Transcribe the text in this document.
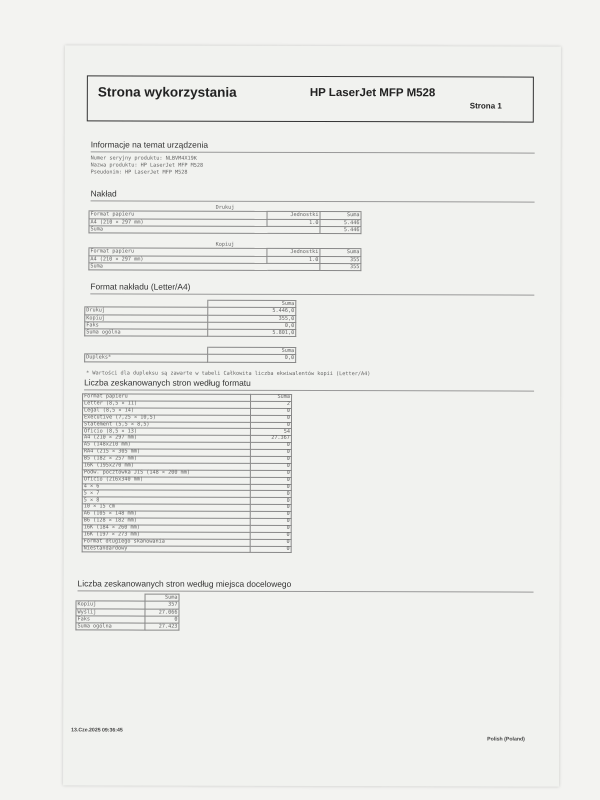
Strona wykorzystania	HP LaserJet MFP M528
Strona 1
Informacje na temat urządzenia
Numer seryjny produktu: NLBVM4X19K
Nazwa produktu: HP LaserJet MFP M528
Pseudonim: HP LaserJet MFP M528
Nakład
Drukuj		
Format papieru	Jednostki	Suma
A4 (210 × 297 mm)	1.0	5.446
Suma		5.446
Kopiuj		
Format papieru	Jednostki	Suma
A4 (210 × 297 mm)	1.0	355
Suma		355
Format nakładu (Letter/A4)
	Suma
Drukuj	5.446,0
Kopiuj	355,0
Faks	0,0
Suma ogólna	5.801,0
	Suma
Dupleks*	0,0
* Wartości dla dupleksu są zawarte w tabeli Całkowita liczba ekwiwalentów kopii (Letter/A4)
Liczba zeskanowanych stron według formatu
Format papieru	Suma
Letter (8,5 × 11)	2
Legal (8,5 × 14)	0
Executive (7,25 × 10,5)	0
Statement (5,5 × 8,5)	0
Oficio (8,5 × 13)	54
A4 (210 × 297 mm)	27.367
A5 (148x210 mm)	0
RA4 (215 × 305 mm)	0
B5 (182 × 257 mm)	0
16K (195x270 mm)	0
Podw. pocztówka JIS (148 × 200 mm)	0
Oficio (216x340 mm)	0
4 × 6	0
5 × 7	0
5 × 8	0
10 × 15 cm	0
A6 (105 × 148 mm)	0
B6 (128 × 182 mm)	0
16K (184 × 260 mm)	0
16K (197 × 273 mm)	0
Format długiego skanowania	0
Niestandardowy	0
Liczba zeskanowanych stron według miejsca docelowego
	Suma
Kopiuj	357
Wyślij	27.066
Faks	0
Suma ogólna	27.423
13.Cze.2025 09:36:45
Polish (Poland)
